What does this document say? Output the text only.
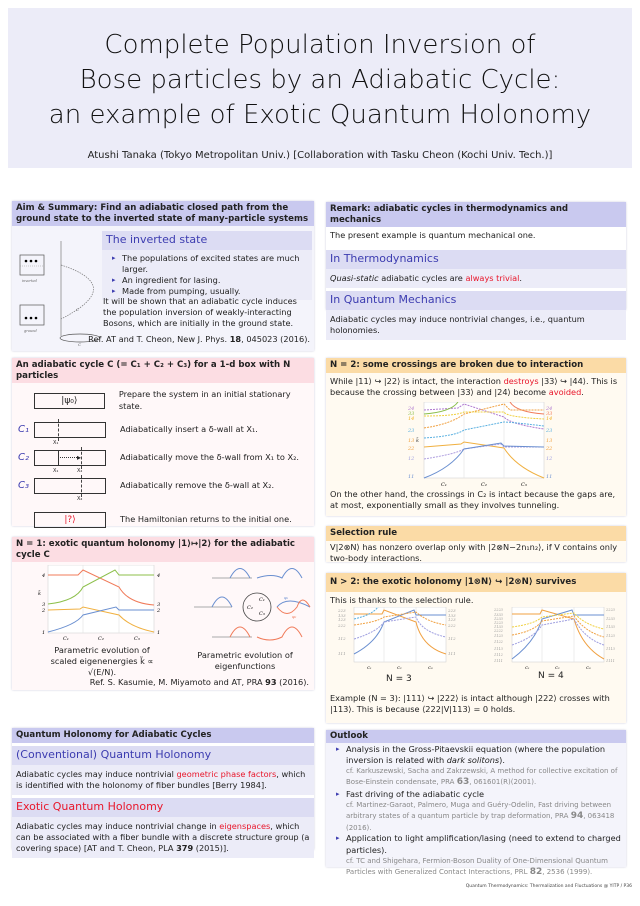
Complete Population Inversion of
Bose particles by an Adiabatic Cycle:
an example of Exotic Quantum Holonomy
Atushi Tanaka (Tokyo Metropolitan Univ.) [Collaboration with Tasku Cheon (Kochi Univ. Tech.)]
Aim & Summary: Find an adiabatic closed path from the ground state to the inverted state of many-particle systems
inverted
ground
C
C
The inverted state
▸ The populations of excited states are much larger.
▸ An ingredient for lasing.
▸ Made from pumping, usually.
It will be shown that an adiabatic cycle induces the population inversion of weakly-interacting Bosons, which are initially in the ground state.
Ref. AT and T. Cheon, New J. Phys. 18, 045023 (2016).
Remark: adiabatic cycles in thermodynamics and mechanics
The present example is quantum mechanical one.
In Thermodynamics
Quasi-static adiabatic cycles are always trivial.
In Quantum Mechanics
Adiabatic cycles may induce nontrivial changes, i.e., quantum holonomies.
An adiabatic cycle C (= C₁ + C₂ + C₃) for a 1-d box with N particles
|ψ₀⟩
Prepare the system in an initial stationary state.
C₁
X₁
Adiabatically insert a δ-wall at X₁.
C₂	▸
X₁	X₂
Adiabatically move the δ-wall from X₁ to X₂.
C₃
X₂
Adiabatically remove the δ-wall at X₂.
|?⟩	The Hamiltonian returns to the initial one.
N = 1: exotic quantum holonomy |1⟩↦|2⟩ for the adiabatic cycle C
4
3
2
1
4
3
2
1
k̃
C₁	C₂	C₃
Parametric evolution of scaled eigenenergies k̃ ∝ √(E/N).
C₁
C₂
C₃
φ₁
φ₂
Parametric evolution of eigenfunctions
Ref. S. Kasumie, M. Miyamoto and AT, PRA 93 (2016).
N = 2: some crossings are broken due to interaction
While |11⟩ ↪ |22⟩ is intact, the interaction destroys |33⟩ ↪ |44⟩. This is because the crossing between |33⟩ and |24⟩ become avoided.
24
33
14
23
13
22
12
11
24
33
14
23
13
22
12
11
k̃
C₁	C₂	C₃
On the other hand, the crossings in C₂ is intact because the gaps are, at most, exponentially small as they involves tunneling.
Selection rule
V|2⊗N⟩ has nonzero overlap only with |2⊗N−2n₁n₂⟩, if V contains only two-body interactions.
N > 2: the exotic holonomy |1⊗N⟩ ↪ |2⊗N⟩ survives
This is thanks to the selection rule.
223
133
123
222
112
111
223
133
123
222
112
111
C₁	C₂	C₃
N = 3
2223
1333
1233
1223
1133
2222
1123
1122
1113
1112
1111
2223
1233
1133
1123
1113
1111
C₁	C₂	C₃
N = 4
Example (N = 3): |111⟩ ↪ |222⟩ is intact although |222⟩ crosses with |113⟩. This is because ⟨222|V|113⟩ = 0 holds.
Quantum Holonomy for Adiabatic Cycles
(Conventional) Quantum Holonomy
Adiabatic cycles may induce nontrivial geometric phase factors, which is identified with the holonomy of fiber bundles [Berry 1984].
Exotic Quantum Holonomy
Adiabatic cycles may induce nontrivial change in eigenspaces, which can be associated with a fiber bundle with a discrete structure group (a covering space) [AT and T. Cheon, PLA 379 (2015)].
Outlook
▸ Analysis in the Gross-Pitaevskii equation (where the population inversion is related with dark solitons).
cf. Karkuszewski, Sacha and Zakrzewski, A method for collective excitation of Bose-Einstein condensate, PRA 63, 061601(R)(2001).
▸ Fast driving of the adiabatic cycle
cf. Martinez-Garaot, Palmero, Muga and Guéry-Odelin, Fast driving between arbitrary states of a quantum particle by trap deformation, PRA 94, 063418 (2016).
▸ Application to light amplification/lasing (need to extend to charged particles).
cf. TC and Shigehara, Fermion-Boson Duality of One-Dimensional Quantum Particles with Generalized Contact Interactions, PRL 82, 2536 (1999).
Quantum Thermodynamics: Thermalization and Fluctuations @ YITP / P36
